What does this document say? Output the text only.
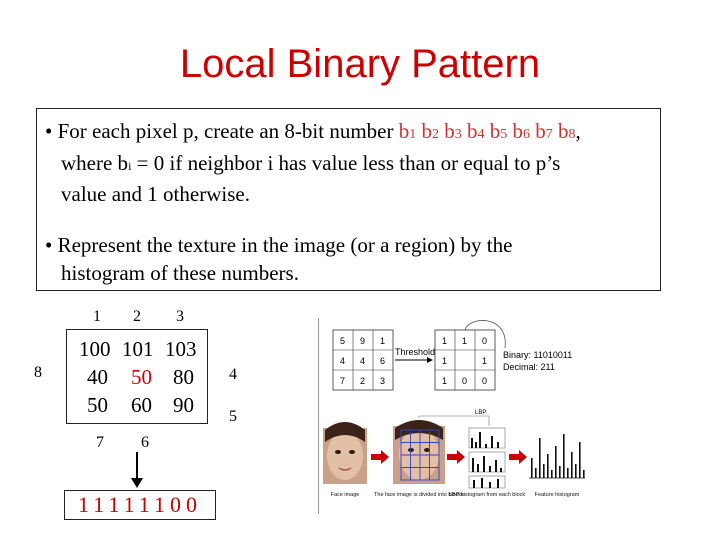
Local Binary Pattern
• For each pixel p, create an 8-bit number b1 b2 b3 b4 b5 b6 b7 b8,
where bi = 0 if neighbor i has value less than or equal to p’s
value and 1 otherwise.
• Represent the texture in the image (or a region) by the
histogram of these numbers.
1 2 3
100 101 103
40 50 80
50 60 90
8	4
5
7 6
11111100
5 9 1
4 4 6
7 2 3
Threshold
1 1 0
1	1
1 0 0
Binary: 11010011
Decimal: 211
LBP
Face image	The face image is divided into blocks
LBP histogram from each block Feature histogram
